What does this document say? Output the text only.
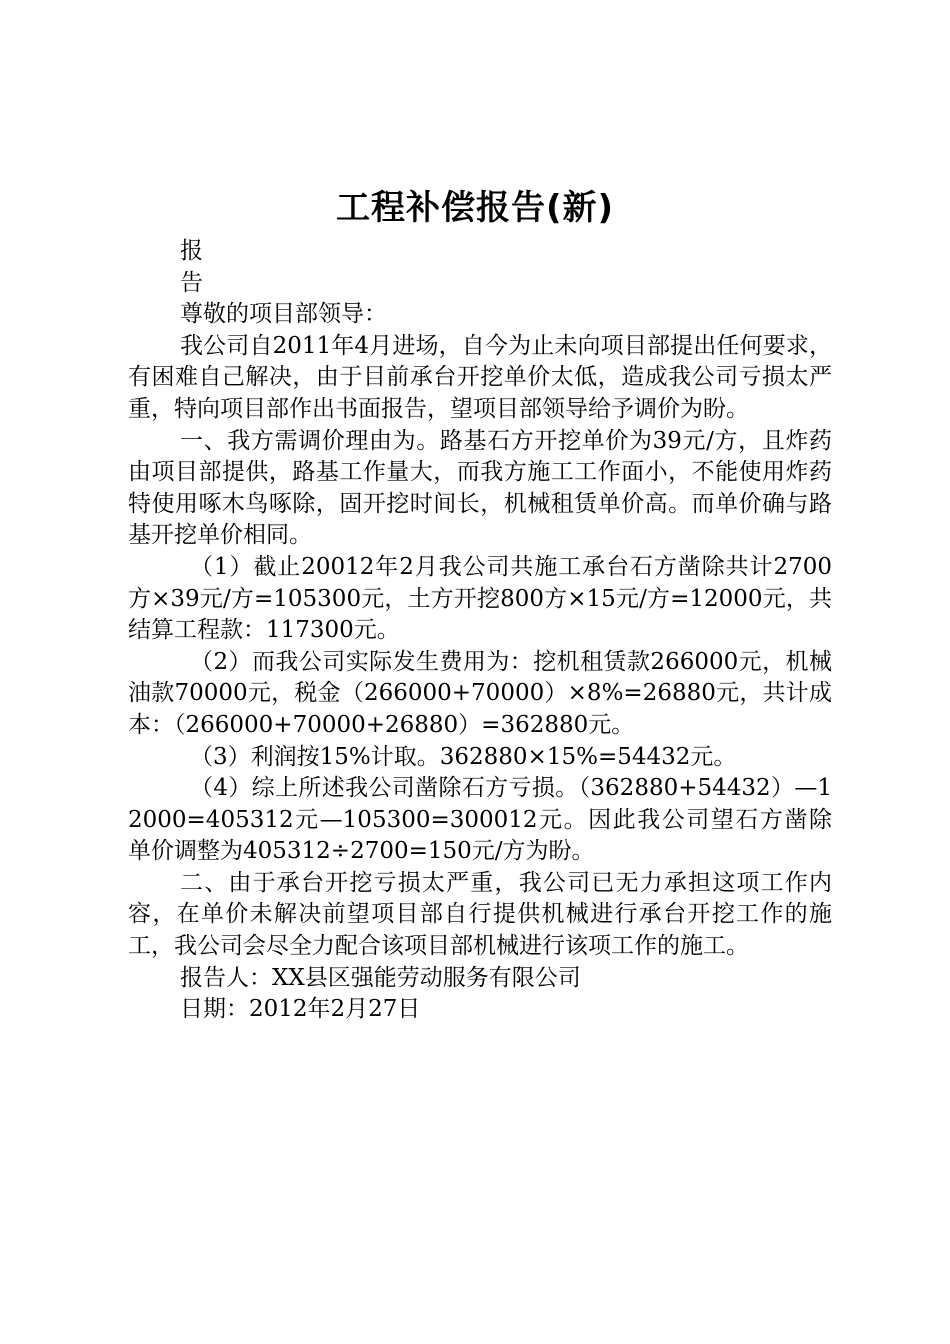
工程补偿报告(新)

报

告

尊敬的项目部领导：

我公司自2011年4月进场，自今为止未向项目部提出任何要求，有困难自己解决，由于目前承台开挖单价太低，造成我公司亏损太严重，特向项目部作出书面报告，望项目部领导给予调价为盼。

一、我方需调价理由为。路基石方开挖单价为39元/方，且炸药由项目部提供，路基工作量大，而我方施工工作面小，不能使用炸药特使用啄木鸟啄除，固开挖时间长，机械租赁单价高。而单价确与路基开挖单价相同。

（1）截止20012年2月我公司共施工承台石方凿除共计2700方×39元/方=105300元，土方开挖800方×15元/方=12000元，共结算工程款：117300元。

（2）而我公司实际发生费用为：挖机租赁款266000元，机械油款70000元，税金（266000+70000）×8%=26880元，共计成本：（266000+70000+26880）=362880元。

（3）利润按15%计取。362880×15%=54432元。

（4）综上所述我公司凿除石方亏损。（362880+54432）—12000=405312元—105300=300012元。因此我公司望石方凿除单价调整为405312÷2700=150元/方为盼。

二、由于承台开挖亏损太严重，我公司已无力承担这项工作内容，在单价未解决前望项目部自行提供机械进行承台开挖工作的施工，我公司会尽全力配合该项目部机械进行该项工作的施工。

报告人：XX县区强能劳动服务有限公司

日期：2012年2月27日
